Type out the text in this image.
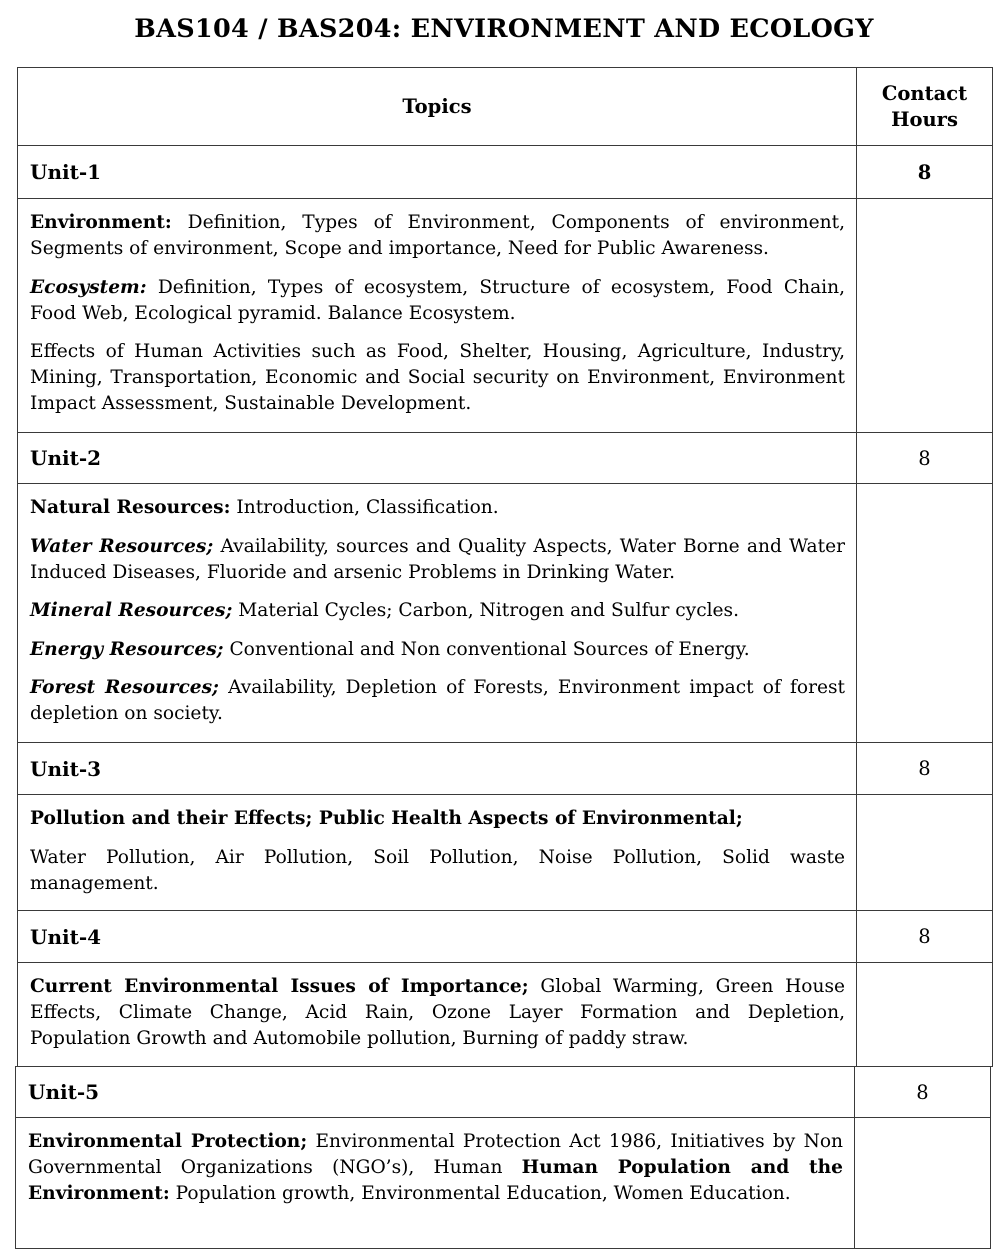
BAS104 / BAS204: ENVIRONMENT AND ECOLOGY
Topics	Contact
Hours
Unit-1	8

Environment: Definition, Types of Environment, Components of environment, Segments of environment, Scope and importance, Need for Public Awareness.
Ecosystem: Definition, Types of ecosystem, Structure of ecosystem, Food Chain, Food Web, Ecological pyramid. Balance Ecosystem.
Effects of Human Activities such as Food, Shelter, Housing, Agriculture, Industry, Mining, Transportation, Economic and Social security on Environment, Environment Impact Assessment, Sustainable Development.	

Unit-2	8

Natural Resources: Introduction, Classification.
Water Resources; Availability, sources and Quality Aspects, Water Borne and Water Induced Diseases, Fluoride and arsenic Problems in Drinking Water.
Mineral Resources; Material Cycles; Carbon, Nitrogen and Sulfur cycles.
Energy Resources; Conventional and Non conventional Sources of Energy.
Forest Resources; Availability, Depletion of Forests, Environment impact of forest depletion on society.	

Unit-3	8

Pollution and their Effects; Public Health Aspects of Environmental;
Water Pollution, Air Pollution, Soil Pollution, Noise Pollution, Solid waste management.	

Unit-4	8

Current Environmental Issues of Importance; Global Warming, Green House Effects, Climate Change, Acid Rain, Ozone Layer Formation and Depletion, Population Growth and Automobile pollution, Burning of paddy straw.	

Unit-5	8

Environmental Protection; Environmental Protection Act 1986, Initiatives by Non Governmental Organizations (NGO’s), Human Human Population and the Environment: Population growth, Environmental Education, Women Education.	
